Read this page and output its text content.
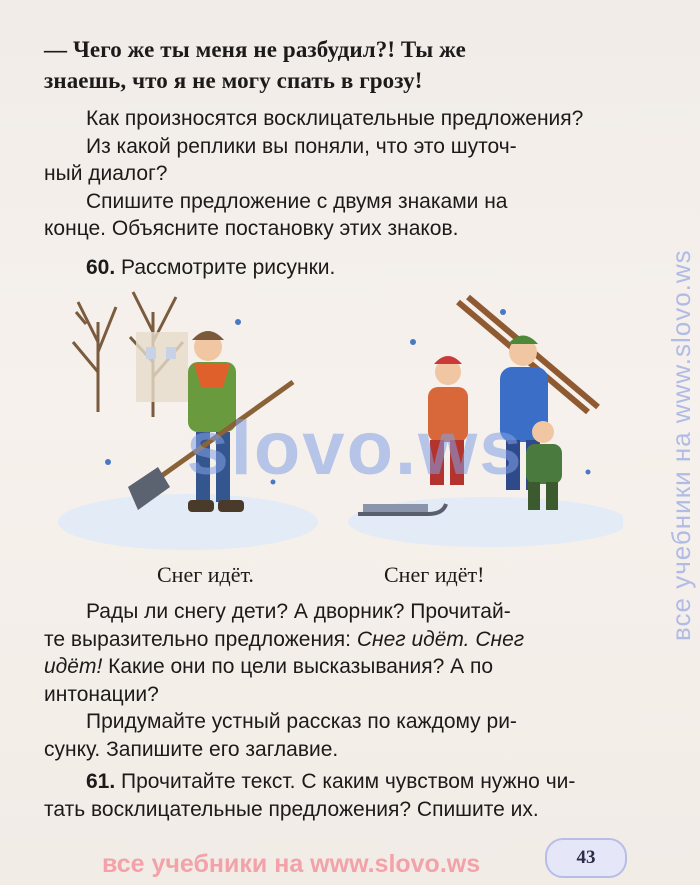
— Чего же ты меня не разбудил?! Ты же

знаешь, что я не могу спать в грозу!

Как произносятся восклицательные предложения?

Из какой реплики вы поняли, что это шуточ-

ный диалог?

Спишите предложение с двумя знаками на

конце. Объясните постановку этих знаков.

60. Рассмотрите рисунки.

Снег идёт.	Снег идёт!

Рады ли снегу дети? А дворник? Прочитай-

те выразительно предложения: Снег идёт. Снег

идёт! Какие они по цели высказывания? А по

интонации?

Придумайте устный рассказ по каждому ри-

сунку. Запишите его заглавие.

61. Прочитайте текст. С каким чувством нужно чи-

тать восклицательные предложения? Спишите их.

slovo.ws	все учебники на www.slovo.ws
все учебники на www.slovo.ws	43
